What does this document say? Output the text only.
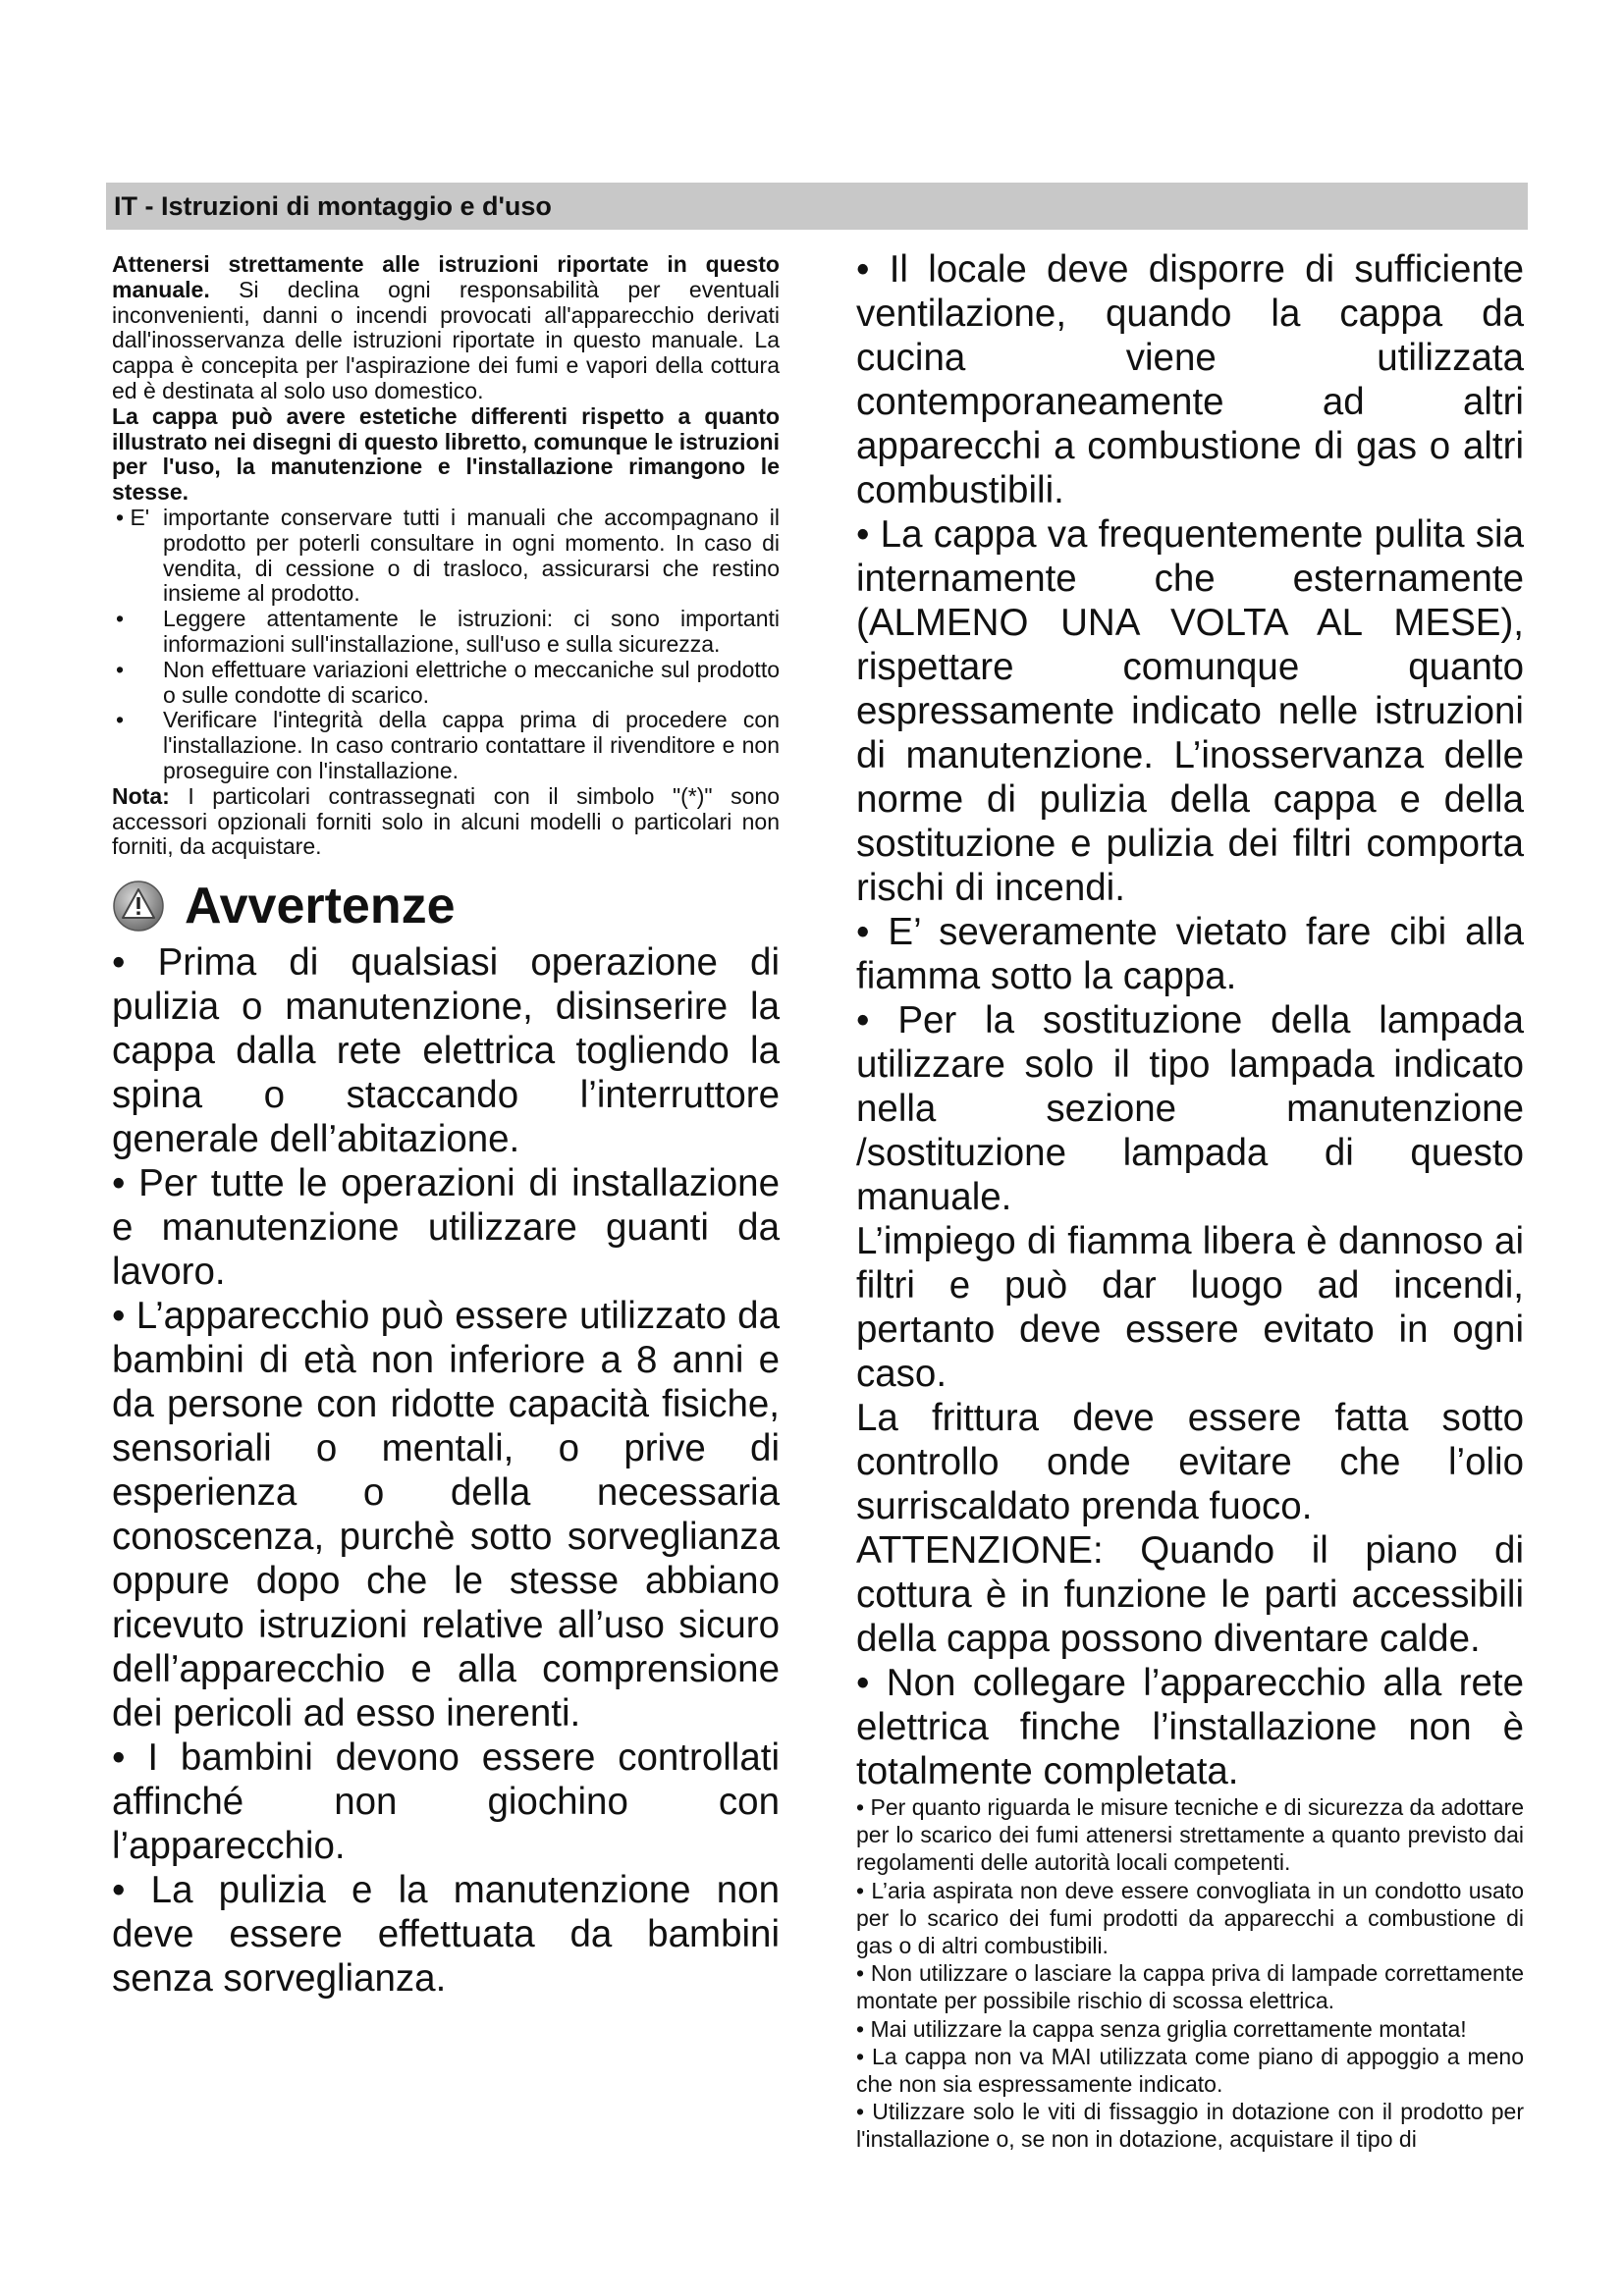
IT - Istruzioni di montaggio e d'uso

Attenersi strettamente alle istruzioni riportate in questo manuale. Si declina ogni responsabilità per eventuali inconvenienti, danni o incendi provocati all'apparecchio derivati dall'inosservanza delle istruzioni riportate in questo manuale. La cappa è concepita per l'aspirazione dei fumi e vapori della cottura ed è destinata al solo uso domestico.

La cappa può avere estetiche differenti rispetto a quanto illustrato nei disegni di questo libretto, comunque le istruzioni per l'uso, la manutenzione e l'installazione rimangono le stesse.

• E' importante conservare tutti i manuali che accompagnano il prodotto per poterli consultare in ogni momento. In caso di vendita, di cessione o di trasloco, assicurarsi che restino insieme al prodotto.
•	Leggere attentamente le istruzioni: ci sono importanti informazioni sull'installazione, sull'uso e sulla sicurezza.
•	Non effettuare variazioni elettriche o meccaniche sul prodotto o sulle condotte di scarico.
•	Verificare l'integrità della cappa prima di procedere con l'installazione. In caso contrario contattare il rivenditore e non proseguire con l'installazione.

Nota: I particolari contrassegnati con il simbolo "(*)" sono accessori opzionali forniti solo in alcuni modelli o particolari non forniti, da acquistare.

Avvertenze

• Prima di qualsiasi operazione di pulizia o manutenzione, disinserire la cappa dalla rete elettrica togliendo la spina o staccando l’interruttore generale dell’abitazione.

• Per tutte le operazioni di installazione e manutenzione utilizzare guanti da lavoro.

• L’apparecchio può essere utilizzato da bambini di età non inferiore a 8 anni e da persone con ridotte capacità fisiche, sensoriali o mentali, o prive di esperienza o della necessaria conoscenza, purchè sotto sorveglianza oppure dopo che le stesse abbiano ricevuto istruzioni relative all’uso sicuro dell’apparecchio e alla comprensione dei pericoli ad esso inerenti.

• I bambini devono essere controllati affinché non giochino con l’apparecchio.

• La pulizia e la manutenzione non deve essere effettuata da bambini senza sorveglianza.

• Il locale deve disporre di sufficiente ventilazione, quando la cappa da cucina viene utilizzata contemporaneamente ad altri apparecchi a combustione di gas o altri combustibili.

• La cappa va frequentemente pulita sia internamente che esternamente (ALMENO UNA VOLTA AL MESE), rispettare comunque quanto espressamente indicato nelle istruzioni di manutenzione. L’inosservanza delle norme di pulizia della cappa e della sostituzione e pulizia dei filtri comporta rischi di incendi.

• E’ severamente vietato fare cibi alla fiamma sotto la cappa.

• Per la sostituzione della lampada utilizzare solo il tipo lampada indicato nella sezione manutenzione /sostituzione lampada di questo manuale.

L’impiego di fiamma libera è dannoso ai filtri e può dar luogo ad incendi, pertanto deve essere evitato in ogni caso.

La frittura deve essere fatta sotto controllo onde evitare che l’olio surriscaldato prenda fuoco.

ATTENZIONE: Quando il piano di cottura è in funzione le parti accessibili della cappa possono diventare calde.

• Non collegare l’apparecchio alla rete elettrica finche l’installazione non è totalmente completata.

• Per quanto riguarda le misure tecniche e di sicurezza da adottare per lo scarico dei fumi attenersi strettamente a quanto previsto dai regolamenti delle autorità locali competenti.

• L’aria aspirata non deve essere convogliata in un condotto usato per lo scarico dei fumi prodotti da apparecchi a combustione di gas o di altri combustibili.

• Non utilizzare o lasciare la cappa priva di lampade correttamente montate per possibile rischio di scossa elettrica.

• Mai utilizzare la cappa senza griglia correttamente montata!

• La cappa non va MAI utilizzata come piano di appoggio a meno che non sia espressamente indicato.

• Utilizzare solo le viti di fissaggio in dotazione con il prodotto per l'installazione o, se non in dotazione, acquistare il tipo di
